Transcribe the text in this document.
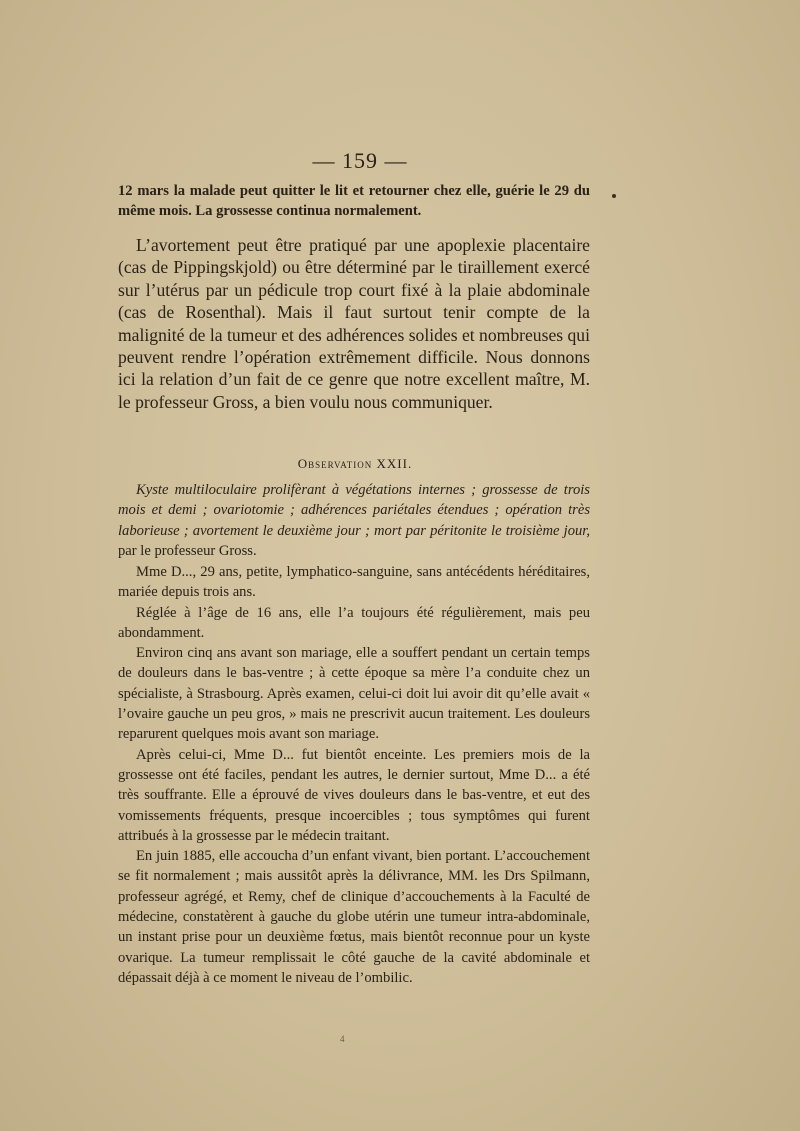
— 159 —

12 mars la malade peut quitter le lit et retourner chez elle, guérie le 29 du même mois. La grossesse continua normalement.

L’avortement peut être pratiqué par une apoplexie placentaire (cas de Pippingskjold) ou être déterminé par le tiraillement exercé sur l’utérus par un pédicule trop court fixé à la plaie abdominale (cas de Rosenthal). Mais il faut surtout tenir compte de la malignité de la tumeur et des adhérences solides et nombreuses qui peuvent rendre l’opération extrêmement difficile. Nous donnons ici la relation d’un fait de ce genre que notre excellent maître, M. le professeur Gross, a bien voulu nous communiquer.

Observation XXII.

Kyste multiloculaire prolifèrant à végétations internes ; grossesse de trois mois et demi ; ovariotomie ; adhérences pariétales étendues ; opération très laborieuse ; avortement le deuxième jour ; mort par péritonite le troisième jour, par le professeur Gross.

Mme D..., 29 ans, petite, lymphatico-sanguine, sans antécédents héréditaires, mariée depuis trois ans.

Réglée à l’âge de 16 ans, elle l’a toujours été régulièrement, mais peu abondamment.

Environ cinq ans avant son mariage, elle a souffert pendant un certain temps de douleurs dans le bas-ventre ; à cette époque sa mère l’a conduite chez un spécialiste, à Strasbourg. Après examen, celui-ci doit lui avoir dit qu’elle avait « l’ovaire gauche un peu gros, » mais ne prescrivit aucun traitement. Les douleurs reparurent quelques mois avant son mariage.

Après celui-ci, Mme D... fut bientôt enceinte. Les premiers mois de la grossesse ont été faciles, pendant les autres, le dernier surtout, Mme D... a été très souffrante. Elle a éprouvé de vives douleurs dans le bas-ventre, et eut des vomissements fréquents, presque incoercibles ; tous symptômes qui furent attribués à la grossesse par le médecin traitant.

En juin 1885, elle accoucha d’un enfant vivant, bien portant. L’accouchement se fit normalement ; mais aussitôt après la délivrance, MM. les Drs Spilmann, professeur agrégé, et Remy, chef de clinique d’accouchements à la Faculté de médecine, constatèrent à gauche du globe utérin une tumeur intra-abdominale, un instant prise pour un deuxième fœtus, mais bientôt reconnue pour un kyste ovarique. La tumeur remplissait le côté gauche de la cavité abdominale et dépassait déjà à ce moment le niveau de l’ombilic.

4
